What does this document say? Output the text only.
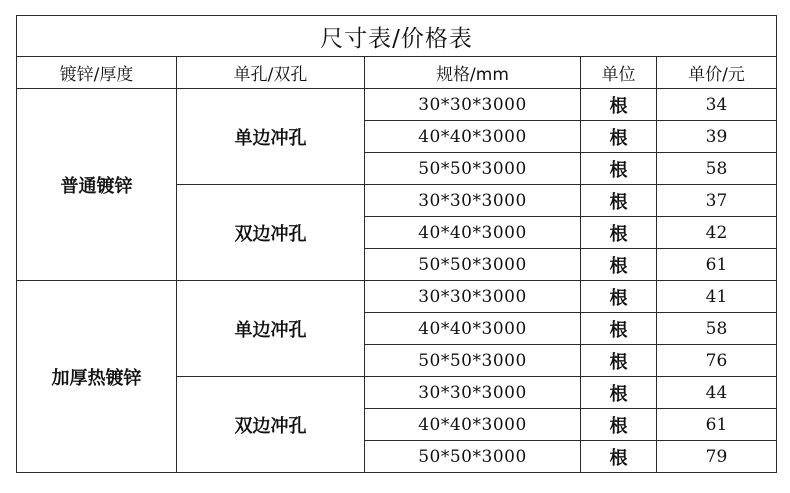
尺寸表/价格表				
镀锌/厚度	单孔/双孔	规格/mm	单位	单价/元
普通镀锌	单边冲孔	30*30*3000	根	34
		40*40*3000	根	39
		50*50*3000	根	58
	双边冲孔	30*30*3000	根	37
		40*40*3000	根	42
		50*50*3000	根	61
加厚热镀锌	单边冲孔	30*30*3000	根	41
		40*40*3000	根	58
		50*50*3000	根	76
	双边冲孔	30*30*3000	根	44
		40*40*3000	根	61
		50*50*3000	根	79
